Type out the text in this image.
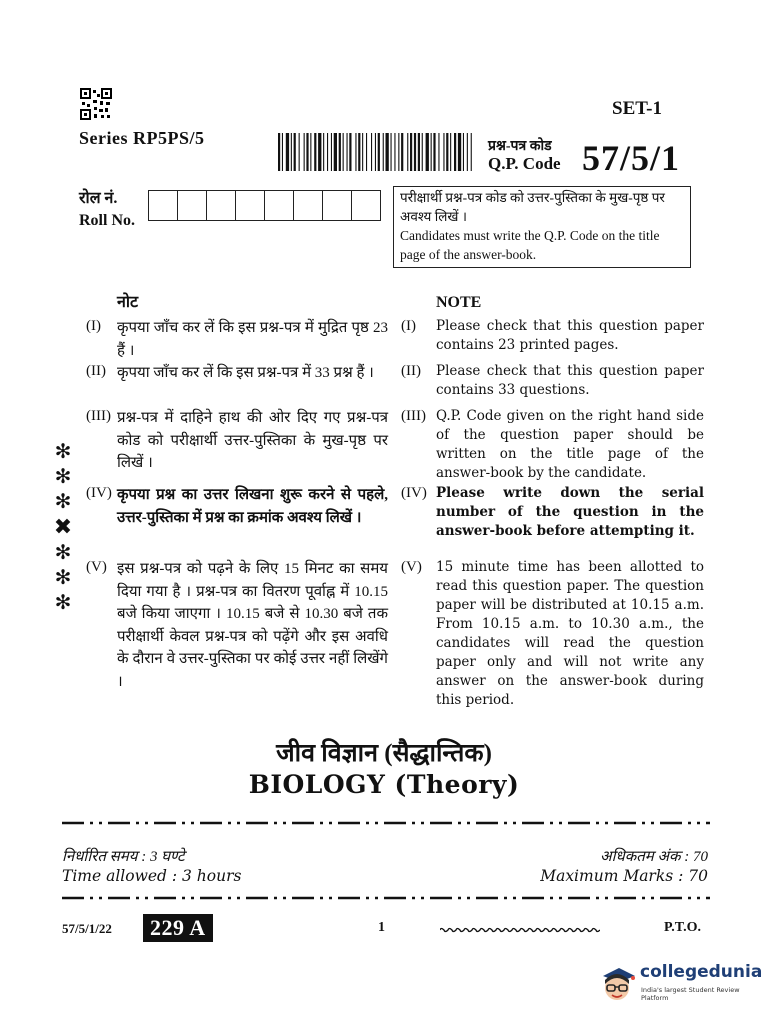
SET-1
Series RP5PS/5	प्रश्न-पत्र कोड
Q.P. Code 57/5/1
रोल नं.
Roll No.
परीक्षार्थी प्रश्न-पत्र कोड को उत्तर-पुस्तिका के मुख-पृष्ठ पर अवश्य लिखें ।
Candidates must write the Q.P. Code on the title page of the answer-book.
नोट
(I) कृपया जाँच कर लें कि इस प्रश्न-पत्र में मुद्रित पृष्ठ 23 हैं ।
(II) कृपया जाँच कर लें कि इस प्रश्न-पत्र में 33 प्रश्न हैं ।
(III) प्रश्न-पत्र में दाहिने हाथ की ओर दिए गए प्रश्न-पत्र कोड को परीक्षार्थी उत्तर-पुस्तिका के मुख-पृष्ठ पर लिखें ।
(IV) कृपया प्रश्न का उत्तर लिखना शुरू करने से पहले, उत्तर-पुस्तिका में प्रश्न का क्रमांक अवश्य लिखें ।
(V) इस प्रश्न-पत्र को पढ़ने के लिए 15 मिनट का समय दिया गया है । प्रश्न-पत्र का वितरण पूर्वाह्न में 10.15 बजे किया जाएगा । 10.15 बजे से 10.30 बजे तक परीक्षार्थी केवल प्रश्न-पत्र को पढ़ेंगे और इस अवधि के दौरान वे उत्तर-पुस्तिका पर कोई उत्तर नहीं लिखेंगे ।
NOTE
(I) Please check that this question paper contains 23 printed pages.
(II) Please check that this question paper contains 33 questions.
(III) Q.P. Code given on the right hand side of the question paper should be written on the title page of the answer-book by the candidate.
(IV) Please write down the serial number of the question in the answer-book before attempting it.
(V) 15 minute time has been allotted to read this question paper. The question paper will be distributed at 10.15 a.m. From 10.15 a.m. to 10.30 a.m., the candidates will read the question paper only and will not write any answer on the answer-book during this period.
✻
✻
✻
✖
✻
✻
✻
जीव विज्ञान (सैद्धान्तिक)
BIOLOGY (Theory)
निर्धारित समय : 3 घण्टे
Time allowed : 3 hours
अधिकतम अंक : 70
Maximum Marks : 70
57/5/1/22	229 A	1	P.T.O.
collegedunia
India's largest Student Review Platform
